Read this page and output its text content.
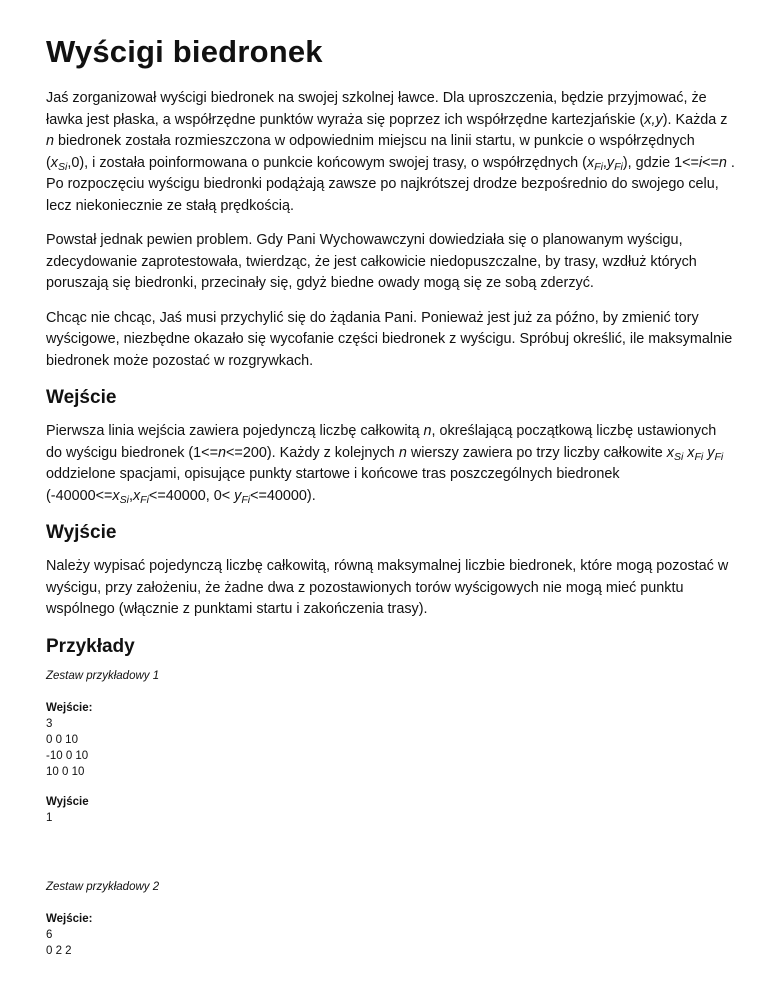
Wyścigi biedronek

Jaś zorganizował wyścigi biedronek na swojej szkolnej ławce. Dla uproszczenia, będzie przyjmować, że ławka jest płaska, a współrzędne punktów wyraża się poprzez ich współrzędne kartezjańskie (x,y). Każda z n biedronek została rozmieszczona w odpowiednim miejscu na linii startu, w punkcie o współrzędnych $(x_{Si},0)$, i została poinformowana o punkcie końcowym swojej trasy, o współrzędnych $(x_{Fi},y_{Fi})$, gdzie 1<=i<=n . Po rozpoczęciu wyścigu biedronki podążają zawsze po najkrótszej drodze bezpośrednio do swojego celu, lecz niekoniecznie ze stałą prędkością.

Powstał jednak pewien problem. Gdy Pani Wychowawczyni dowiedziała się o planowanym wyścigu, zdecydowanie zaprotestowała, twierdząc, że jest całkowicie niedopuszczalne, by trasy, wzdłuż których poruszają się biedronki, przecinały się, gdyż biedne owady mogą się ze sobą zderzyć.

Chcąc nie chcąc, Jaś musi przychylić się do żądania Pani. Ponieważ jest już za późno, by zmienić tory wyścigowe, niezbędne okazało się wycofanie części biedronek z wyścigu. Spróbuj określić, ile maksymalnie biedronek może pozostać w rozgrywkach.

Wejście

Pierwsza linia wejścia zawiera pojedynczą liczbę całkowitą n, określającą początkową liczbę ustawionych do wyścigu biedronek (1<=n<=200). Każdy z kolejnych n wierszy zawiera po trzy liczby całkowite $x_{Si}$ $x_{Fi}$ $y_{Fi}$ oddzielone spacjami, opisujące punkty startowe i końcowe tras poszczególnych biedronek ($-40000<=x_{Si},x_{Fi}<=40000$, $0< y_{Fi}<=40000$).

Wyjście

Należy wypisać pojedynczą liczbę całkowitą, równą maksymalnej liczbie biedronek, które mogą pozostać w wyścigu, przy założeniu, że żadne dwa z pozostawionych torów wyścigowych nie mogą mieć punktu wspólnego (włącznie z punktami startu i zakończenia trasy).

Przykłady
Zestaw przykładowy 1
Wejście:
3
0 0 10
-10 0 10
10 0 10
Wyjście
1
Zestaw przykładowy 2
Wejście:
6
0 2 2
